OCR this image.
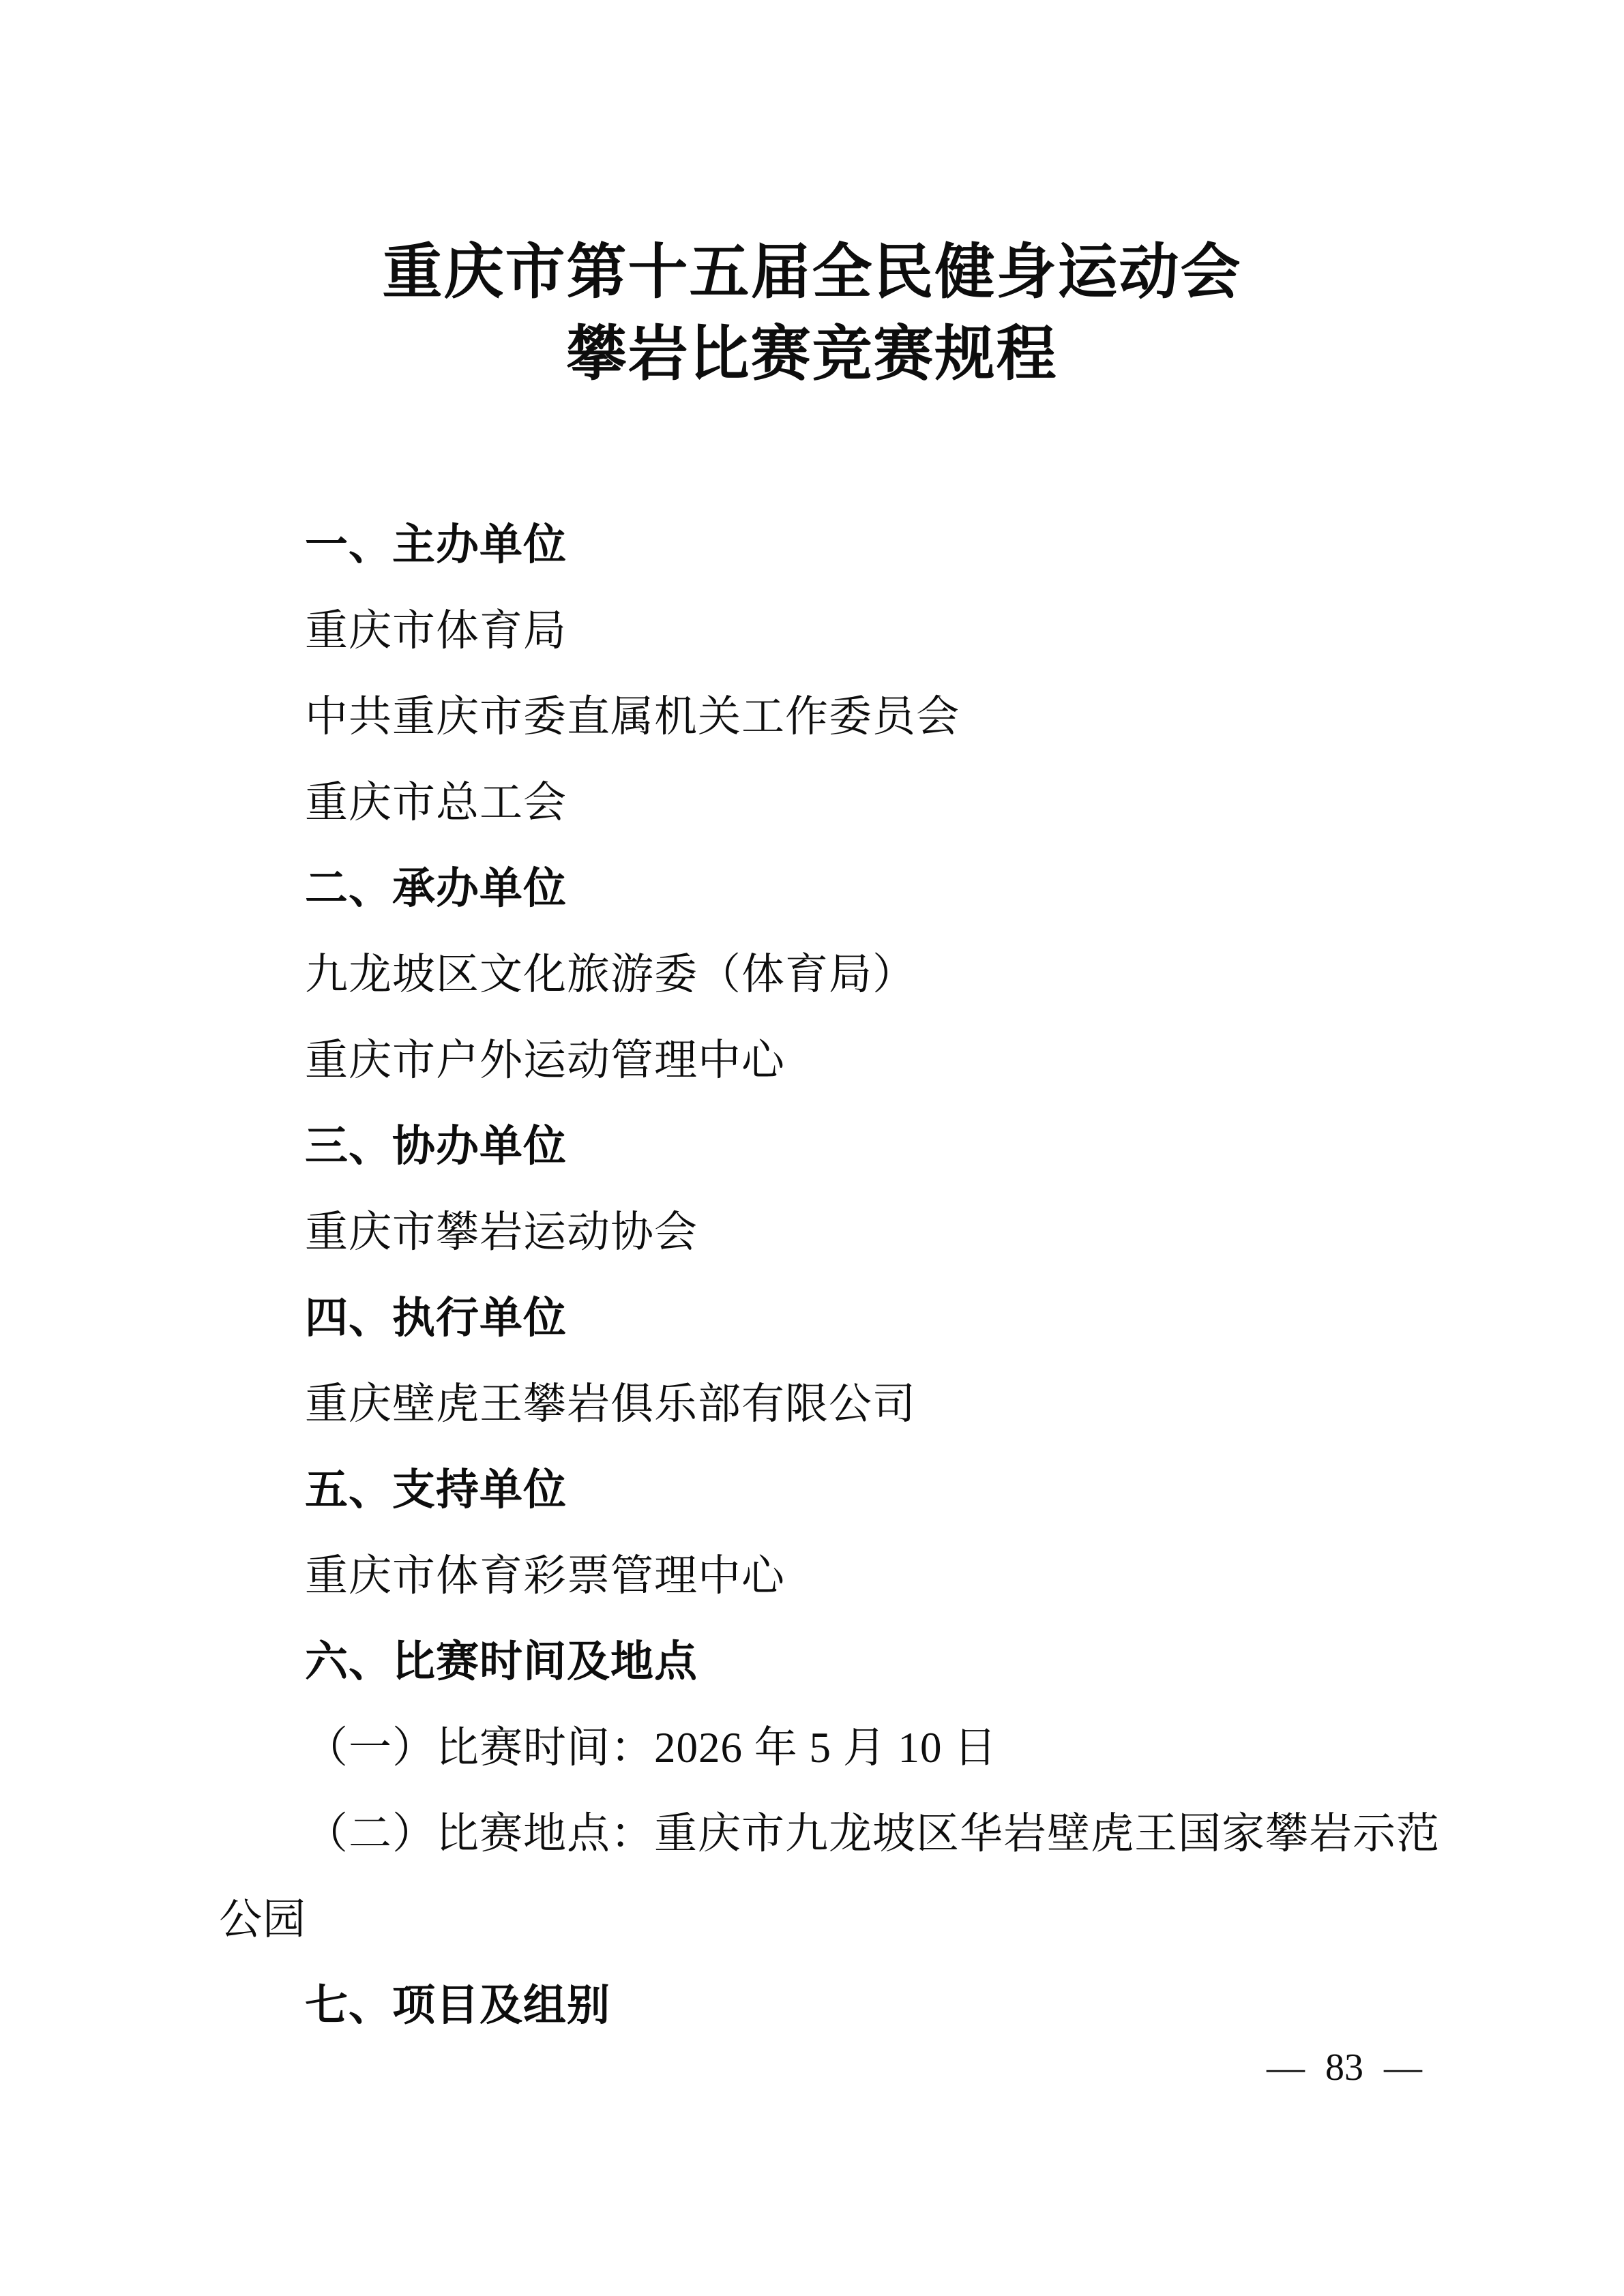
重庆市第十五届全民健身运动会
攀岩比赛竞赛规程
一、主办单位
重庆市体育局
中共重庆市委直属机关工作委员会
重庆市总工会
二、承办单位
九龙坡区文化旅游委（体育局）
重庆市户外运动管理中心
三、协办单位
重庆市攀岩运动协会
四、执行单位
重庆壁虎王攀岩俱乐部有限公司
五、支持单位
重庆市体育彩票管理中心
六、比赛时间及地点
（一）比赛时间：2026 年 5 月 10 日
（二）比赛地点：重庆市九龙坡区华岩壁虎王国家攀岩示范
公园
七、项目及组别
— 83 —
